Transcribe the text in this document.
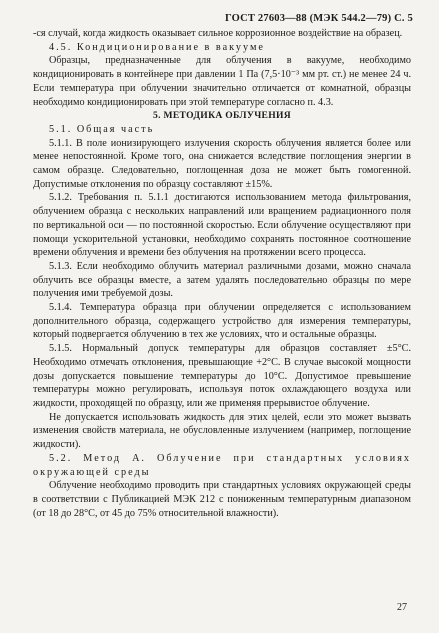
ГОСТ 27603—88 (МЭК 544.2—79) С. 5

-ся случай, когда жидкость оказывает сильное коррозионное воздействие на образец.

4.5. Кондиционирование в вакууме

Образцы, предназначенные для облучения в вакууме, необходимо кондиционировать в контейнере при давлении 1 Па (7,5·10⁻³ мм рт. ст.) не менее 24 ч. Если температура при облучении значительно отличается от комнатной, образцы необходимо кондиционировать при этой температуре согласно п. 4.3.

5. МЕТОДИКА ОБЛУЧЕНИЯ

5.1. Общая часть

5.1.1. В поле ионизирующего излучения скорость облучения является более или менее непостоянной. Кроме того, она снижается вследствие поглощения энергии в самом образце. Следовательно, поглощенная доза не может быть гомогенной. Допустимые отклонения по образцу составляют ±15%.

5.1.2. Требования п. 5.1.1 достигаются использованием метода фильтрования, облучением образца с нескольких направлений или вращением радиационного поля по вертикальной оси — по постоянной скоростью. Если облучение осуществляют при помощи ускорительной установки, необходимо сохранять постоянное соотношение времени облучения и времени без облучения на протяжении всего процесса.

5.1.3. Если необходимо облучить материал различными дозами, можно сначала облучить все образцы вместе, а затем удалять последовательно образцы по мере получения ими требуемой дозы.

5.1.4. Температура образца при облучении определяется с использованием дополнительного образца, содержащего устройство для измерения температуры, который подвергается облучению в тех же условиях, что и остальные образцы.

5.1.5. Нормальный допуск температуры для образцов составляет ±5°С. Необходимо отмечать отклонения, превышающие +2°С. В случае высокой мощности дозы допускается повышение температуры до 10°С. Допустимое превышение температуры можно регулировать, используя поток охлаждающего воздуха или жидкости, проходящей по образцу, или же применяя прерывистое облучение.

Не допускается использовать жидкость для этих целей, если это может вызвать изменения свойств материала, не обусловленные излучением (например, поглощение жидкости).

5.2. Метод А. Облучение при стандартных условиях окружающей среды

Облучение необходимо проводить при стандартных условиях окружающей среды в соответствии с Публикацией МЭК 212 с пониженным температурным диапазоном (от 18 до 28°С, от 45 до 75% относительной влажности).

27
